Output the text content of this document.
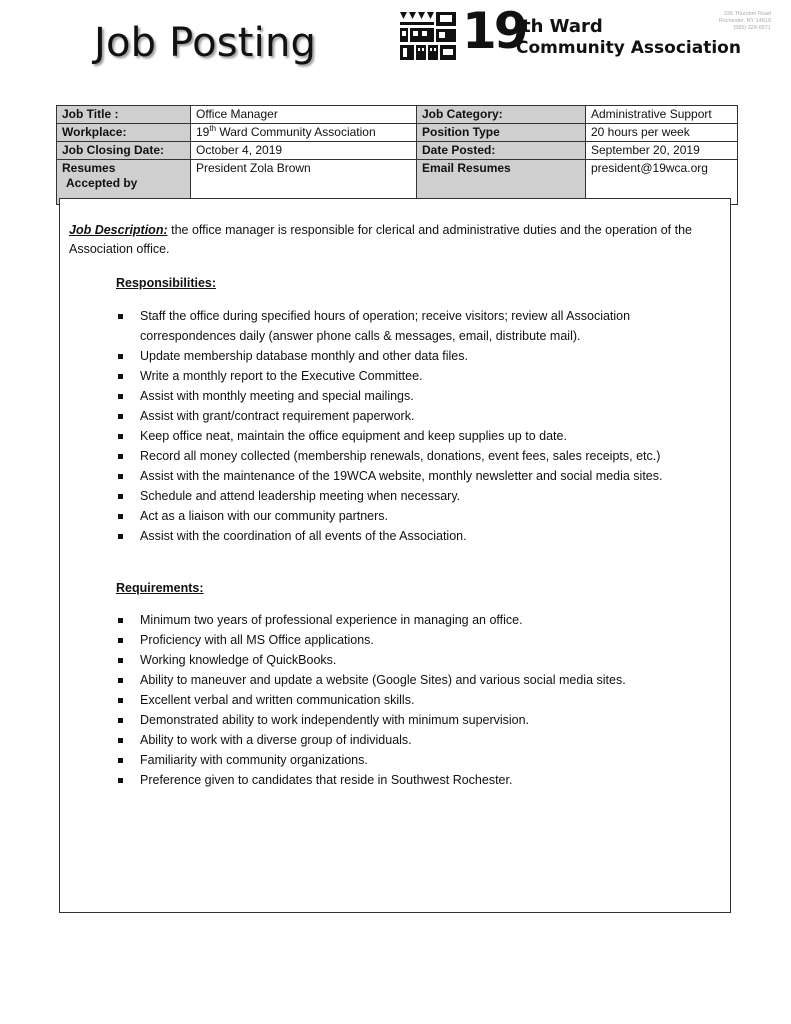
Job Posting	19
th Ward
Community Association
236 Thurston Road
Rochester, NY 14619
(585) 328-6571
Job Title :	Office Manager	Job Category:	Administrative Support
Workplace:	19th Ward Community Association	Position Type	20 hours per week
Job Closing Date:	October 4, 2019	Date Posted:	September 20, 2019

Resumes
Accepted by	President Zola Brown	Email Resumes	president@19wca.org
Job Description: the office manager is responsible for clerical and administrative duties and the operation of the Association office.
Responsibilities:
Staff the office during specified hours of operation; receive visitors; review all Association correspondences daily (answer phone calls & messages, email, distribute mail).
Update membership database monthly and other data files.
Write a monthly report to the Executive Committee.
Assist with monthly meeting and special mailings.
Assist with grant/contract requirement paperwork.
Keep office neat, maintain the office equipment and keep supplies up to date.
Record all money collected (membership renewals, donations, event fees, sales receipts, etc.)
Assist with the maintenance of the 19WCA website, monthly newsletter and social media sites.
Schedule and attend leadership meeting when necessary.
Act as a liaison with our community partners.
Assist with the coordination of all events of the Association.
Requirements:
Minimum two years of professional experience in managing an office.
Proficiency with all MS Office applications.
Working knowledge of QuickBooks.
Ability to maneuver and update a website (Google Sites) and various social media sites.
Excellent verbal and written communication skills.
Demonstrated ability to work independently with minimum supervision.
Ability to work with a diverse group of individuals.
Familiarity with community organizations.
Preference given to candidates that reside in Southwest Rochester.
